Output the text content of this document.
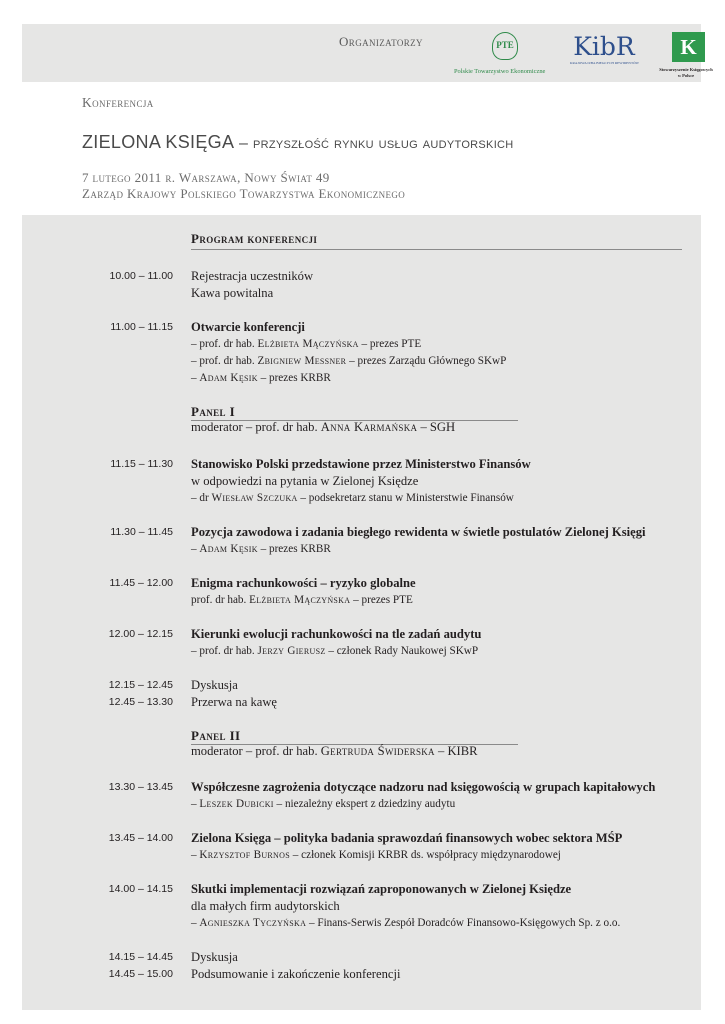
Organizatorzy	PTE
Polskie Towarzystwo Ekonomiczne
KibR
KRAJOWA IZBA BIEGŁYCH REWIDENTÓW
K
Stowarzyszenie Księgowych
w Polsce
Konferencja
ZIELONA KSIĘGA – przyszłość rynku usług audytorskich
7 lutego 2011 r. Warszawa, Nowy Świat 49
Zarząd Krajowy Polskiego Towarzystwa Ekonomicznego
Program konferencji
10.00 – 11.00 Rejestracja uczestników
Kawa powitalna
11.00 – 11.15 Otwarcie konferencji
– prof. dr hab. Elżbieta Mączyńska – prezes PTE
– prof. dr hab. Zbigniew Messner – prezes Zarządu Głównego SKwP
– Adam Kęsik – prezes KRBR
Panel I
moderator – prof. dr hab. Anna Karmańska – SGH
11.15 – 11.30 Stanowisko Polski przedstawione przez Ministerstwo Finansów
w odpowiedzi na pytania w Zielonej Księdze
– dr Wiesław Szczuka – podsekretarz stanu w Ministerstwie Finansów
11.30 – 11.45 Pozycja zawodowa i zadania biegłego rewidenta w świetle postulatów Zielonej Księgi
– Adam Kęsik – prezes KRBR
11.45 – 12.00 Enigma rachunkowości – ryzyko globalne
prof. dr hab. Elżbieta Mączyńska – prezes PTE
12.00 – 12.15 Kierunki ewolucji rachunkowości na tle zadań audytu
– prof. dr hab. Jerzy Gierusz – członek Rady Naukowej SKwP
12.15 – 12.45 Dyskusja
12.45 – 13.30 Przerwa na kawę
Panel II
moderator – prof. dr hab. Gertruda Świderska – KIBR
13.30 – 13.45 Współczesne zagrożenia dotyczące nadzoru nad księgowością w grupach kapitałowych
– Leszek Dubicki – niezależny ekspert z dziedziny audytu
13.45 – 14.00 Zielona Księga – polityka badania sprawozdań finansowych wobec sektora MŚP
– Krzysztof Burnos – członek Komisji KRBR ds. współpracy międzynarodowej
14.00 – 14.15 Skutki implementacji rozwiązań zaproponowanych w Zielonej Księdze
dla małych firm audytorskich
– Agnieszka Tyczyńska – Finans-Serwis Zespół Doradców Finansowo-Księgowych Sp. z o.o.
14.15 – 14.45 Dyskusja
14.45 – 15.00 Podsumowanie i zakończenie konferencji
